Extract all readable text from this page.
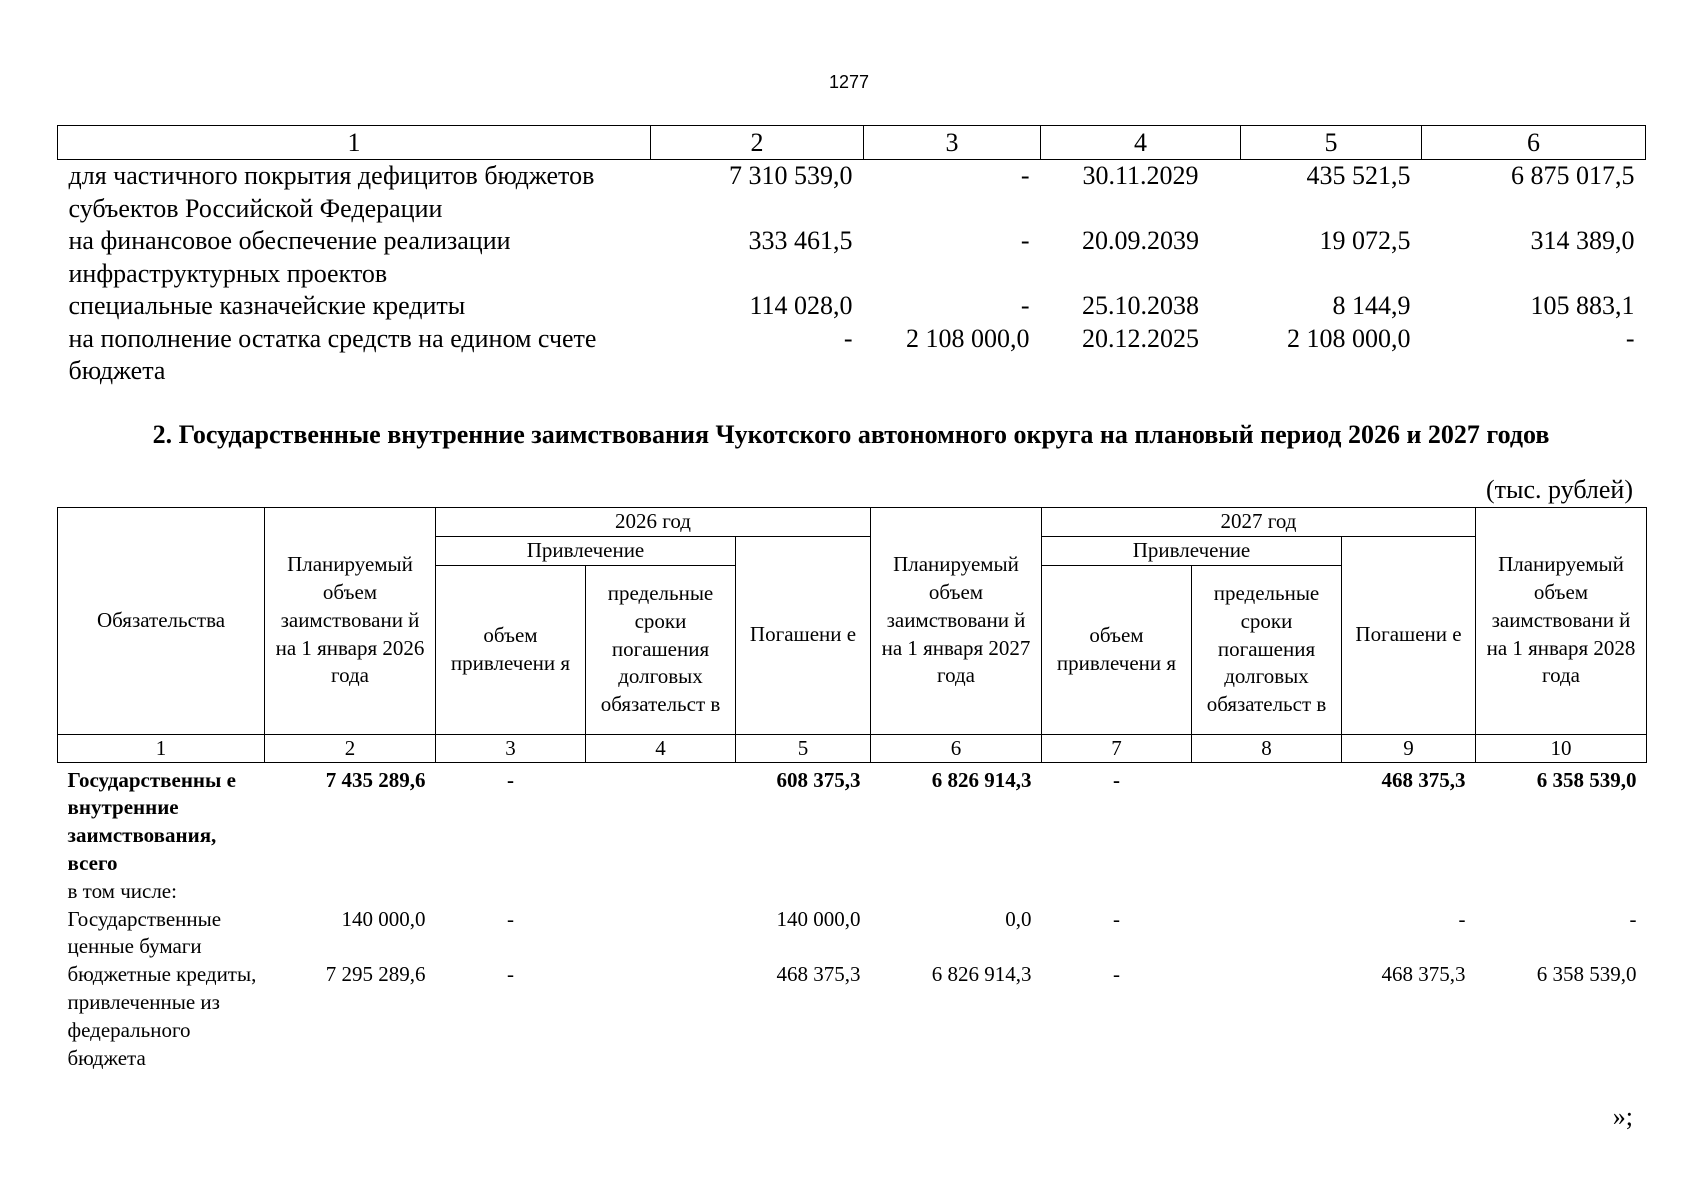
1277
1	2	3	4	5	6
для частичного покрытия дефицитов бюджетов субъектов Российской Федерации	7 310 539,0	-	30.11.2029	435 521,5	6 875 017,5
на финансовое обеспечение реализации инфраструктурных проектов	333 461,5	-	20.09.2039	19 072,5	314 389,0
специальные казначейские кредиты	114 028,0	-	25.10.2038	8 144,9	105 883,1
на пополнение остатка средств на едином счете бюджета	-	2 108 000,0	20.12.2025	2 108 000,0	-
2. Государственные внутренние заимствования Чукотского автономного округа на плановый период 2026 и 2027 годов
(тыс. рублей)
Обязательства	Планируемый объем заимствовани й на 1 января 2026 года	2026 год			Планируемый объем заимствовани й на 1 января 2027 года	2027 год			Планируемый объем заимствовани й на 1 января 2028 года
		Привлечение		Погашени е		Привлечение		Погашени е	
		объем привлечени я	предельные сроки погашения долговых обязательст в			объем привлечени я	предельные сроки погашения долговых обязательст в		
1	2	3	4	5	6	7	8	9	10
Государственны е внутренние заимствования, всего	7 435 289,6	-		608 375,3	6 826 914,3	-		468 375,3	6 358 539,0
в том числе:									
Государственные ценные бумаги	140 000,0	-		140 000,0	0,0	-		-	-
бюджетные кредиты, привлеченные из федерального бюджета	7 295 289,6	-		468 375,3	6 826 914,3	-		468 375,3	6 358 539,0
»;
